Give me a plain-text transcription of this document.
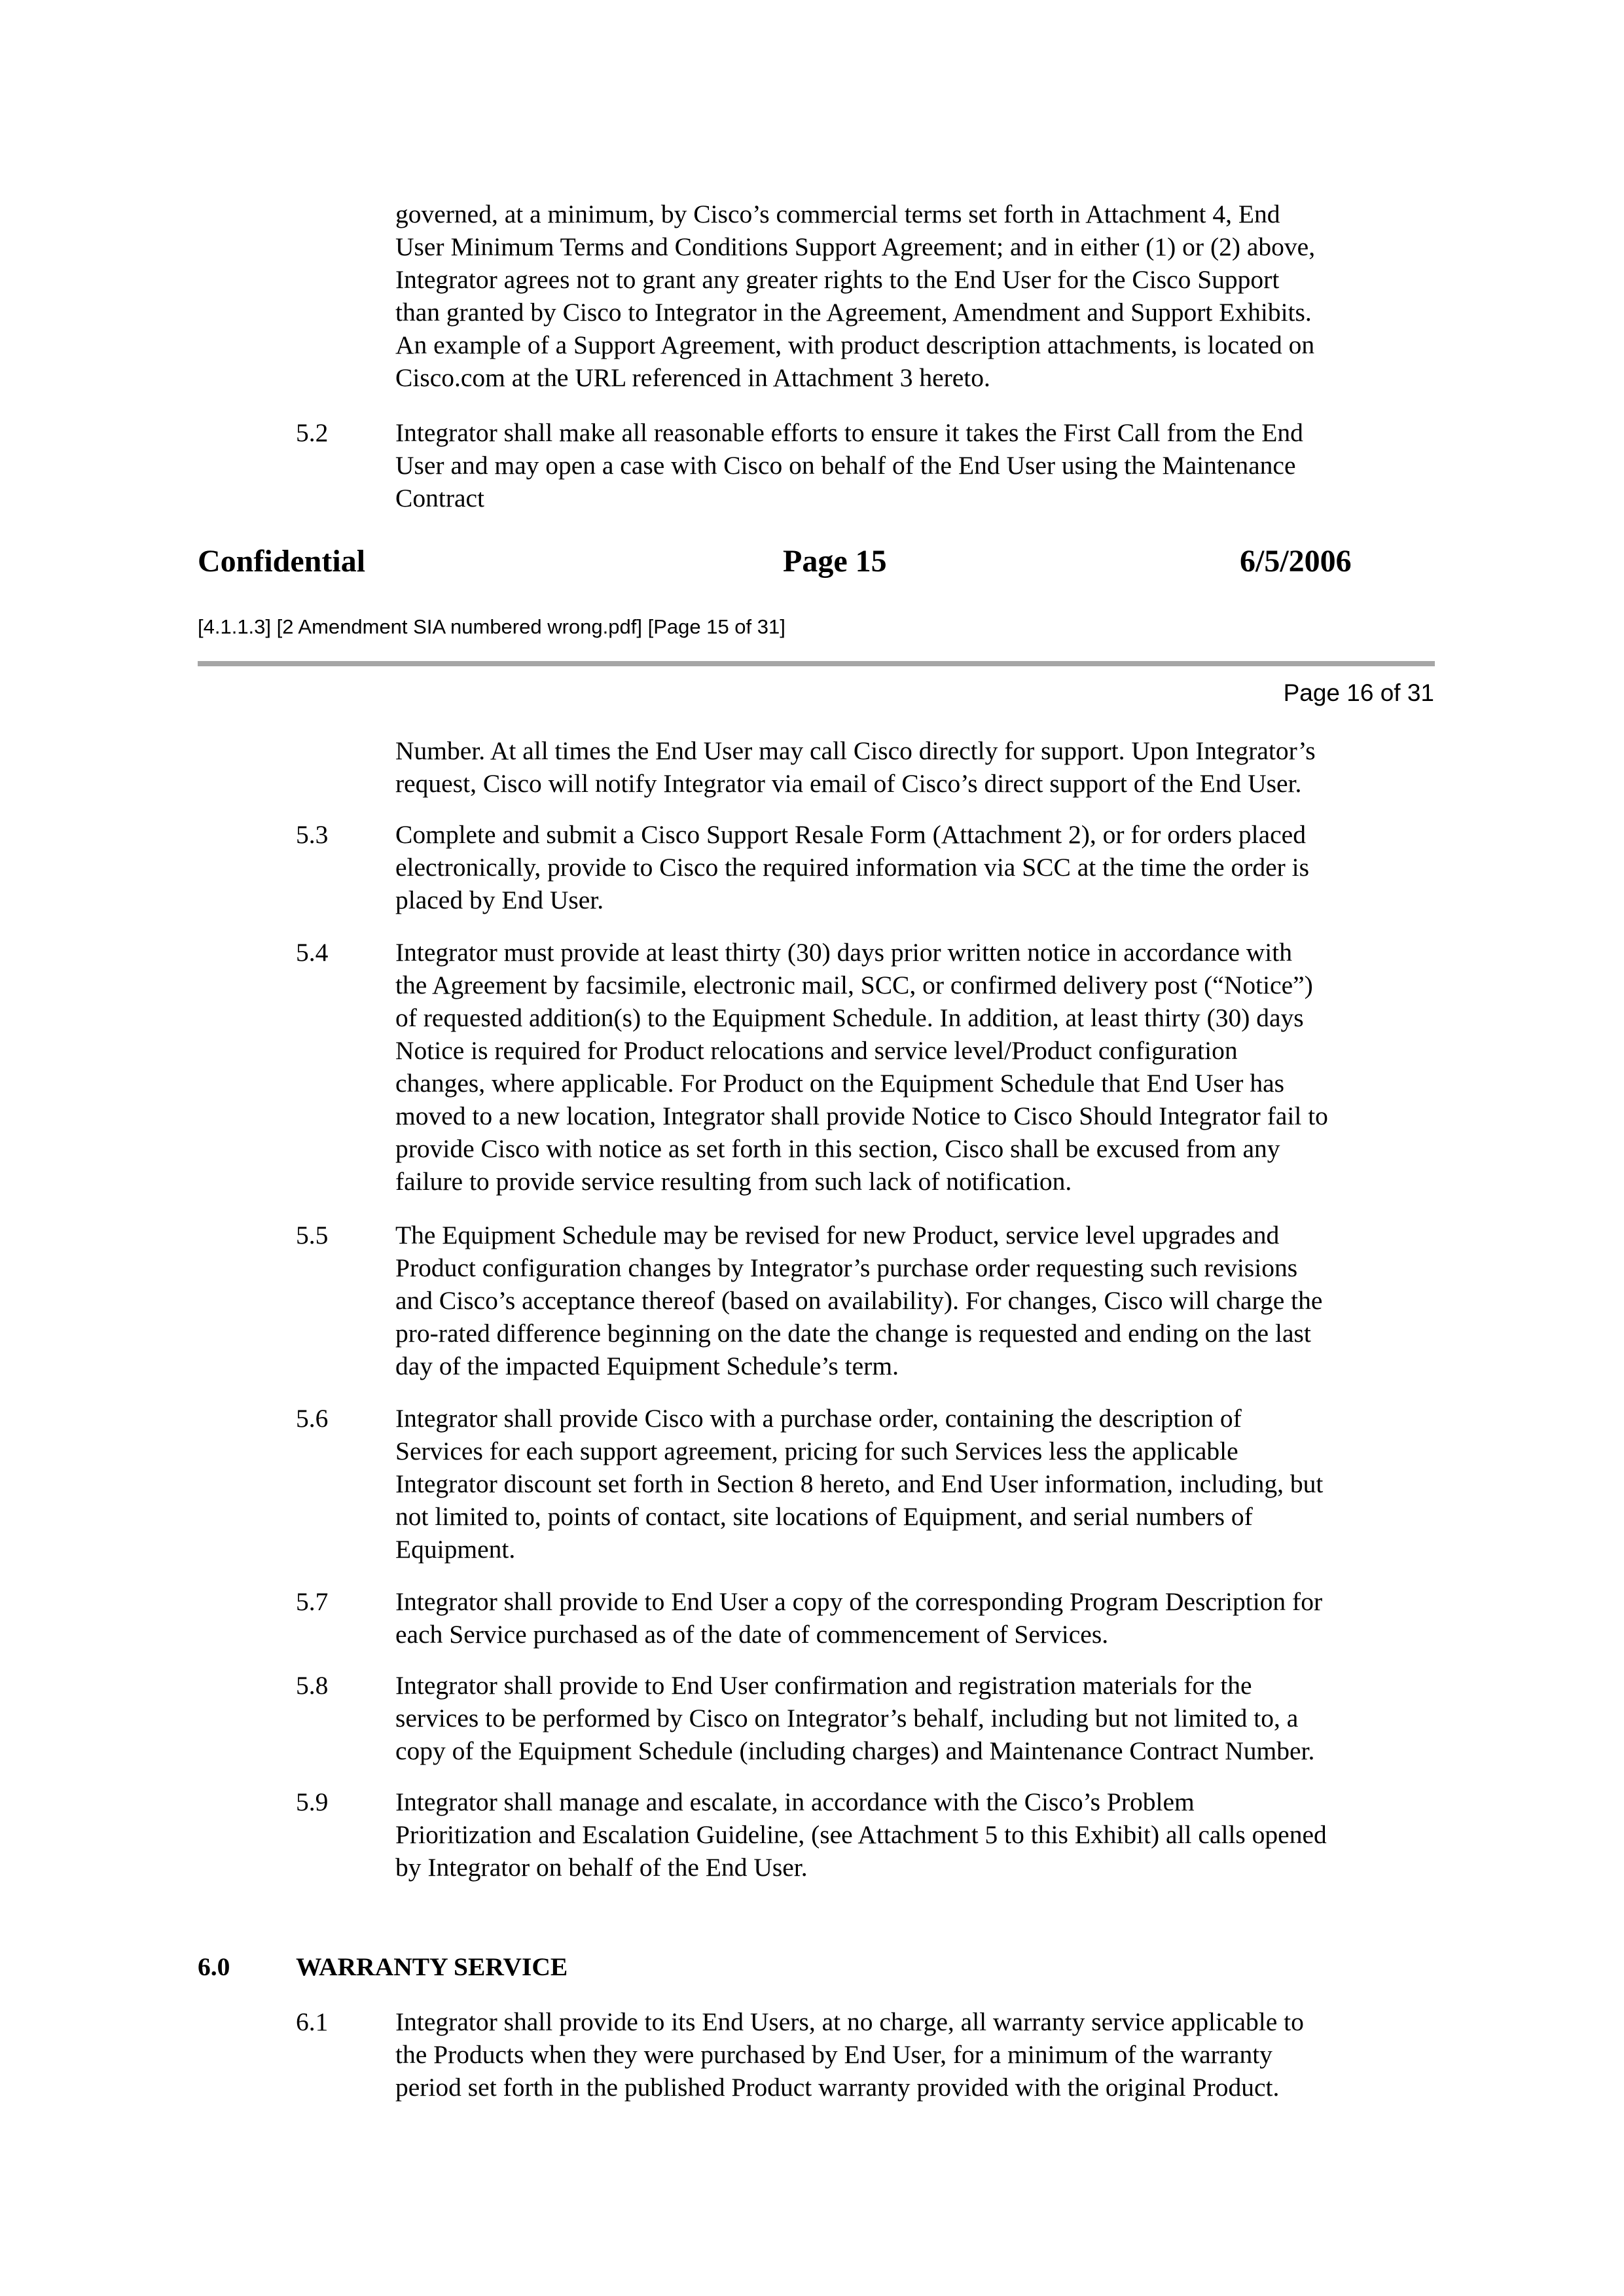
governed, at a minimum, by Cisco’s commercial terms set forth in Attachment 4, End
User Minimum Terms and Conditions Support Agreement; and in either (1) or (2) above,
Integrator agrees not to grant any greater rights to the End User for the Cisco Support
than granted by Cisco to Integrator in the Agreement, Amendment and Support Exhibits.
An example of a Support Agreement, with product description attachments, is located on
Cisco.com at the URL referenced in Attachment 3 hereto.
5.2	Integrator shall make all reasonable efforts to ensure it takes the First Call from the End
User and may open a case with Cisco on behalf of the End User using the Maintenance
Contract
Confidential	Page 15	6/5/2006
[4.1.1.3] [2 Amendment SIA numbered wrong.pdf] [Page 15 of 31]
Page 16 of 31
Number. At all times the End User may call Cisco directly for support. Upon Integrator’s
request, Cisco will notify Integrator via email of Cisco’s direct support of the End User.
5.3	Complete and submit a Cisco Support Resale Form (Attachment 2), or for orders placed
electronically, provide to Cisco the required information via SCC at the time the order is
placed by End User.
5.4	Integrator must provide at least thirty (30) days prior written notice in accordance with
the Agreement by facsimile, electronic mail, SCC, or confirmed delivery post (“Notice”)
of requested addition(s) to the Equipment Schedule. In addition, at least thirty (30) days
Notice is required for Product relocations and service level/Product configuration
changes, where applicable. For Product on the Equipment Schedule that End User has
moved to a new location, Integrator shall provide Notice to Cisco Should Integrator fail to
provide Cisco with notice as set forth in this section, Cisco shall be excused from any
failure to provide service resulting from such lack of notification.
5.5	The Equipment Schedule may be revised for new Product, service level upgrades and
Product configuration changes by Integrator’s purchase order requesting such revisions
and Cisco’s acceptance thereof (based on availability). For changes, Cisco will charge the
pro-rated difference beginning on the date the change is requested and ending on the last
day of the impacted Equipment Schedule’s term.
5.6	Integrator shall provide Cisco with a purchase order, containing the description of
Services for each support agreement, pricing for such Services less the applicable
Integrator discount set forth in Section 8 hereto, and End User information, including, but
not limited to, points of contact, site locations of Equipment, and serial numbers of
Equipment.
5.7	Integrator shall provide to End User a copy of the corresponding Program Description for
each Service purchased as of the date of commencement of Services.
5.8	Integrator shall provide to End User confirmation and registration materials for the
services to be performed by Cisco on Integrator’s behalf, including but not limited to, a
copy of the Equipment Schedule (including charges) and Maintenance Contract Number.
5.9	Integrator shall manage and escalate, in accordance with the Cisco’s Problem
Prioritization and Escalation Guideline, (see Attachment 5 to this Exhibit) all calls opened
by Integrator on behalf of the End User.
6.0	WARRANTY SERVICE
6.1	Integrator shall provide to its End Users, at no charge, all warranty service applicable to
the Products when they were purchased by End User, for a minimum of the warranty
period set forth in the published Product warranty provided with the original Product.
